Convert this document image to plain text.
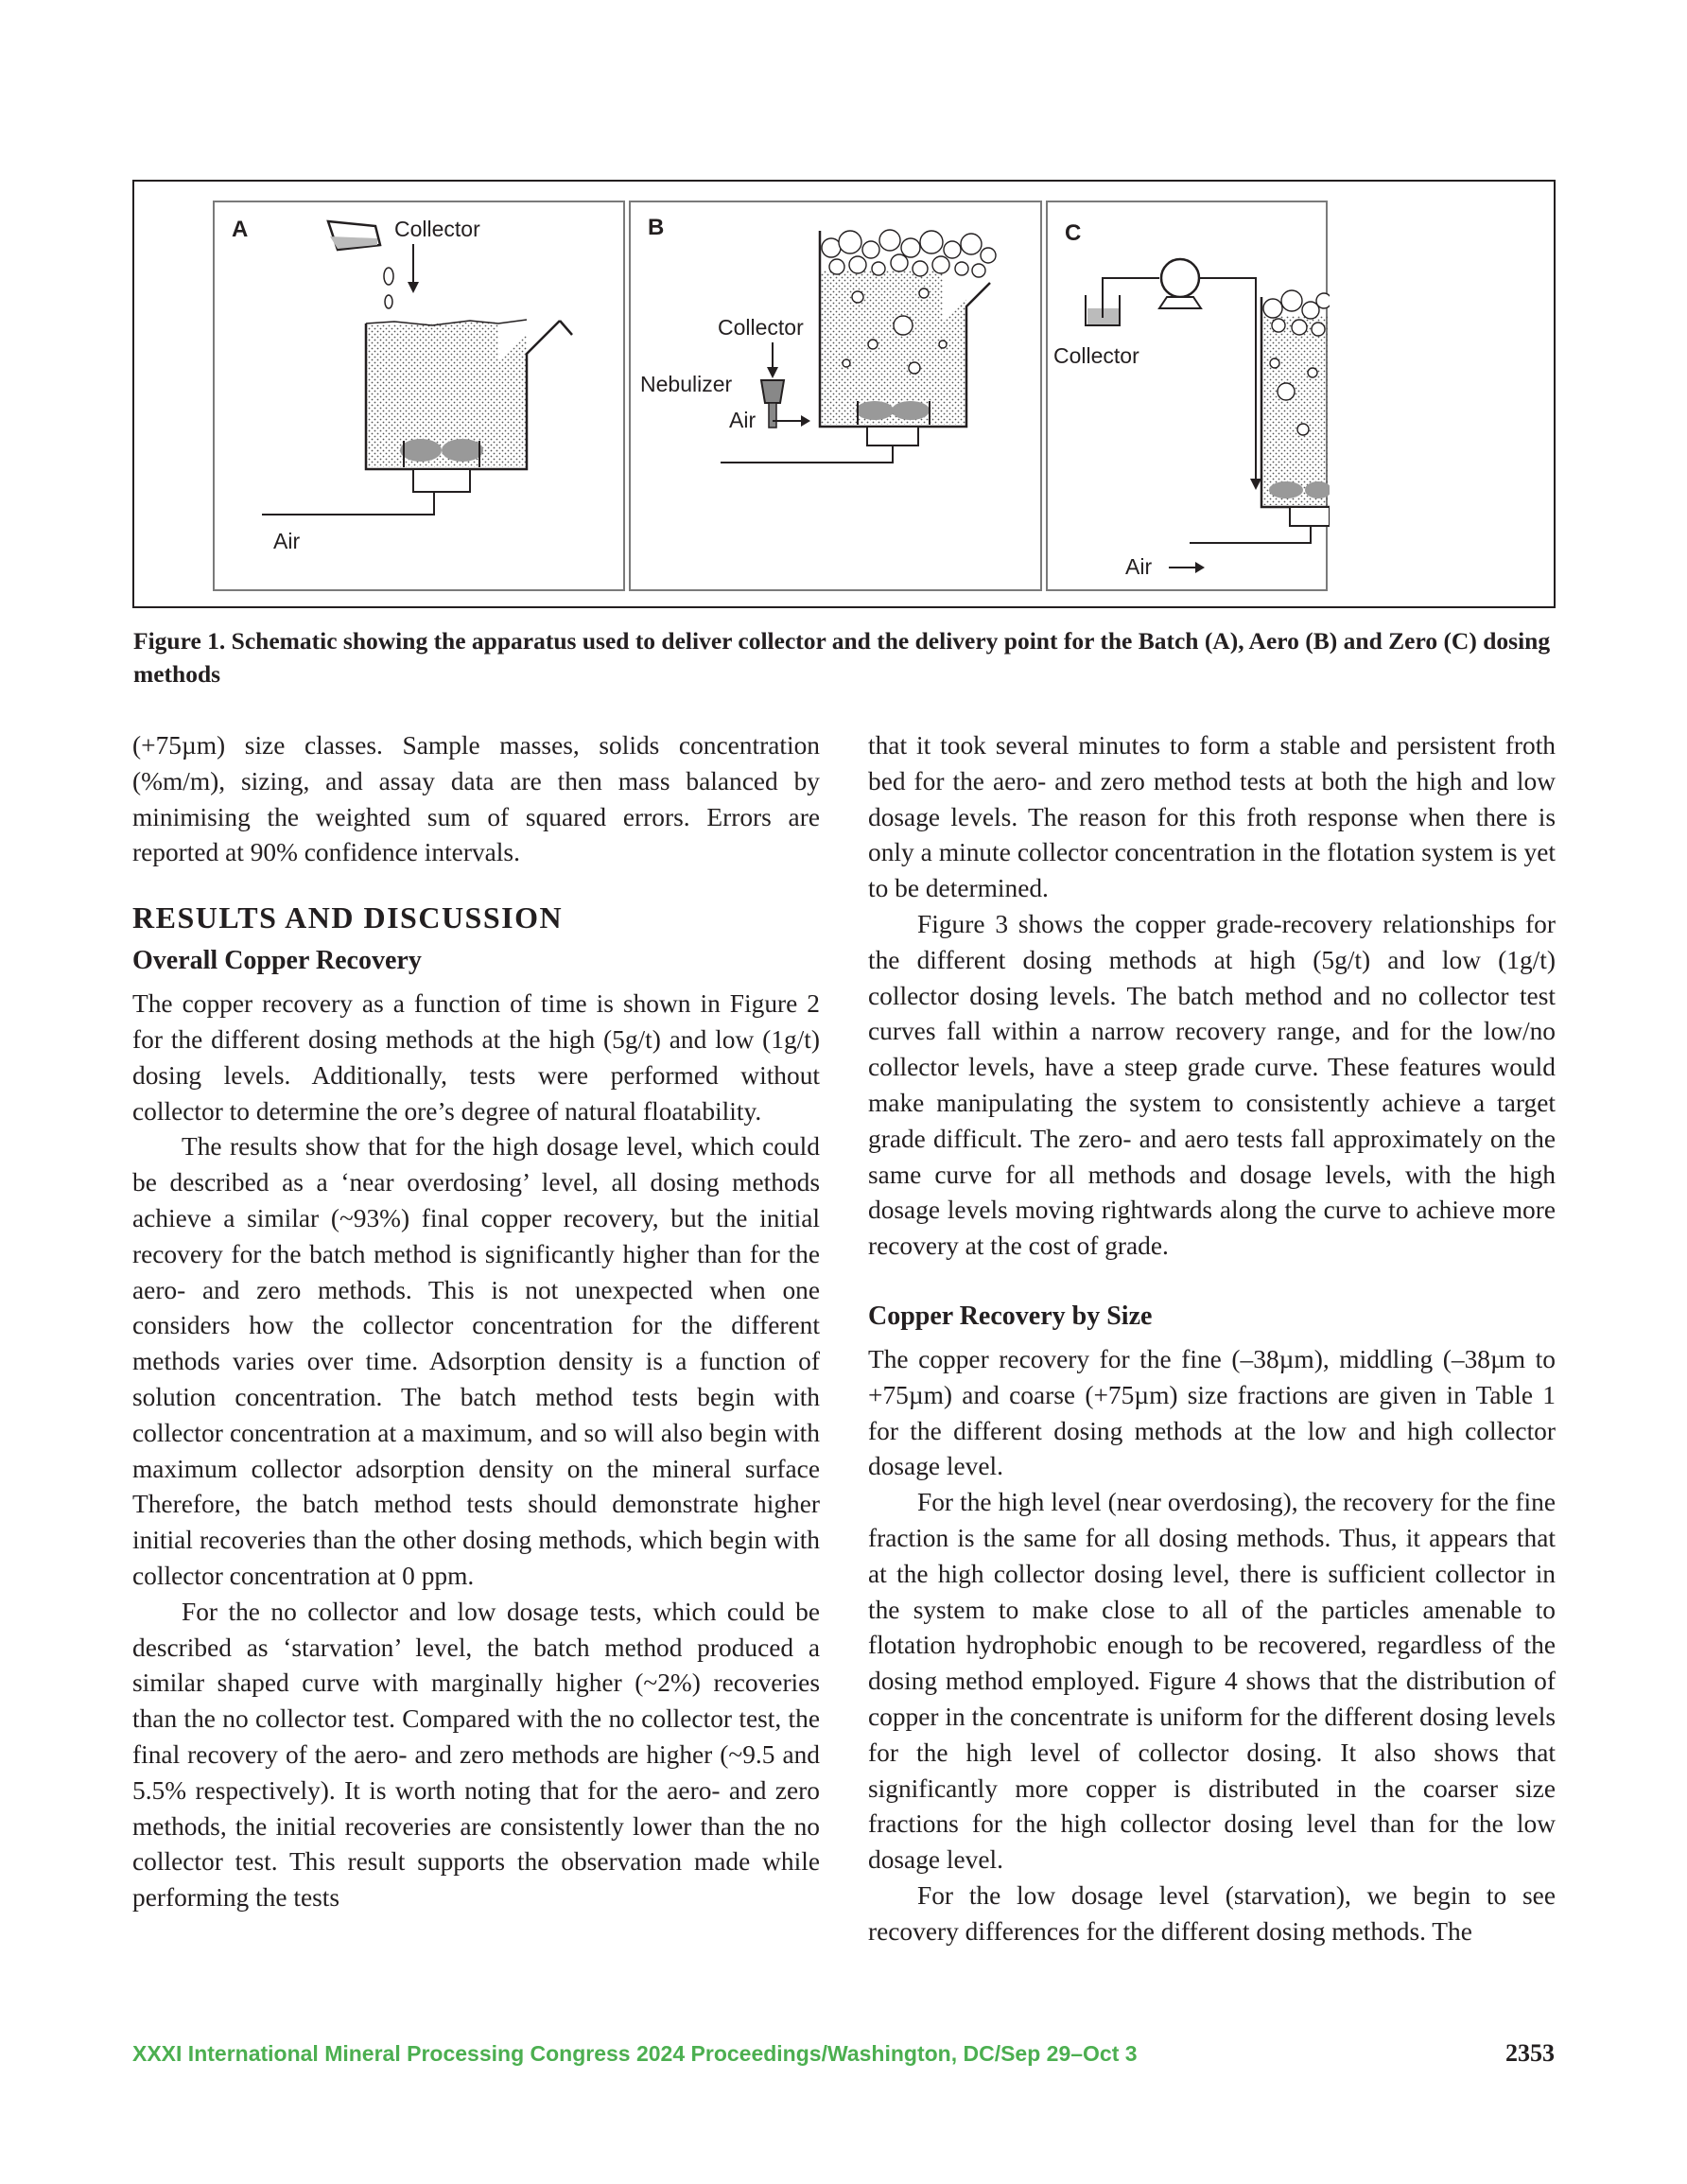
A	Collector
Air
B
Collector
Nebulizer
Air
C
Collector
Air
Figure 1. Schematic showing the apparatus used to deliver collector and the delivery point for the Batch (A), Aero (B) and Zero (C) dosing methods

(+75µm) size classes. Sample masses, solids concentration (%m/m), sizing, and assay data are then mass balanced by minimising the weighted sum of squared errors. Errors are reported at 90% confidence intervals.

RESULTS AND DISCUSSION
Overall Copper Recovery

The copper recovery as a function of time is shown in Figure 2 for the different dosing methods at the high (5g/t) and low (1g/t) dosing levels. Additionally, tests were performed without collector to determine the ore’s degree of natural floatability.

The results show that for the high dosage level, which could be described as a ‘near overdosing’ level, all dosing methods achieve a similar (~93%) final copper recovery, but the initial recovery for the batch method is significantly higher than for the aero- and zero methods. This is not unexpected when one considers how the collector concentration for the different methods varies over time. Adsorption density is a function of solution concentration. The batch method tests begin with collector concentration at a maximum, and so will also begin with maximum collector adsorption density on the mineral surface Therefore, the batch method tests should demonstrate higher initial recoveries than the other dosing methods, which begin with collector concentration at 0 ppm.

For the no collector and low dosage tests, which could be described as ‘starvation’ level, the batch method produced a similar shaped curve with marginally higher (~2%) recoveries than the no collector test. Compared with the no collector test, the final recovery of the aero- and zero methods are higher (~9.5 and 5.5% respectively). It is worth noting that for the aero- and zero methods, the initial recoveries are consistently lower than the no collector test. This result supports the observation made while performing the tests

that it took several minutes to form a stable and persistent froth bed for the aero- and zero method tests at both the high and low dosage levels. The reason for this froth response when there is only a minute collector concentration in the flotation system is yet to be determined.

Figure 3 shows the copper grade-recovery relationships for the different dosing methods at high (5g/t) and low (1g/t) collector dosing levels. The batch method and no collector test curves fall within a narrow recovery range, and for the low/no collector levels, have a steep grade curve. These features would make manipulating the system to consistently achieve a target grade difficult. The zero- and aero tests fall approximately on the same curve for all methods and dosage levels, with the high dosage levels moving rightwards along the curve to achieve more recovery at the cost of grade.

Copper Recovery by Size

The copper recovery for the fine (–38µm), middling (–38µm to +75µm) and coarse (+75µm) size fractions are given in Table 1 for the different dosing methods at the low and high collector dosage level.

For the high level (near overdosing), the recovery for the fine fraction is the same for all dosing methods. Thus, it appears that at the high collector dosing level, there is sufficient collector in the system to make close to all of the particles amenable to flotation hydrophobic enough to be recovered, regardless of the dosing method employed. Figure 4 shows that the distribution of copper in the concentrate is uniform for the different dosing levels for the high level of collector dosing. It also shows that significantly more copper is distributed in the coarser size fractions for the high collector dosing level than for the low dosage level.

For the low dosage level (starvation), we begin to see recovery differences for the different dosing methods. The

XXXI International Mineral Processing Congress 2024 Proceedings/Washington, DC/Sep 29–Oct 3	2353
